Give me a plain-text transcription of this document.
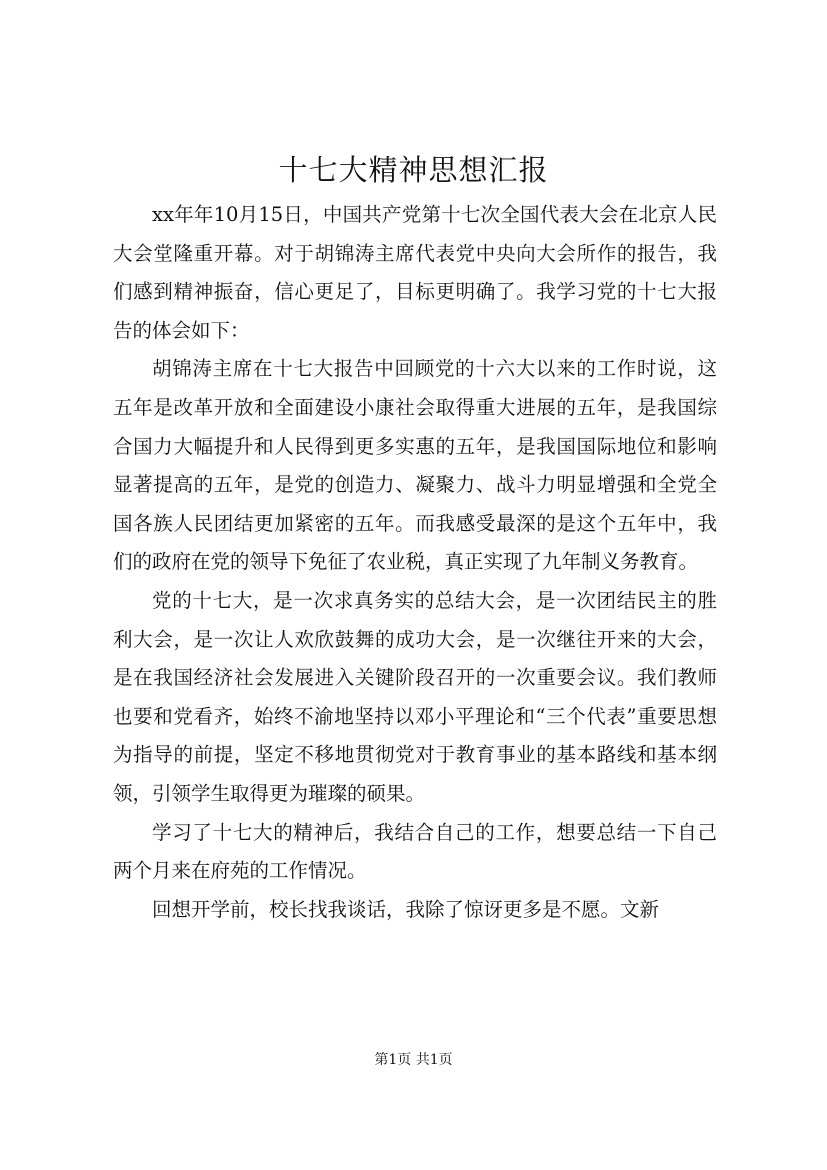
十七大精神思想汇报

xx年年10月15日，中国共产党第十七次全国代表大会在北京人民大会堂隆重开幕。对于胡锦涛主席代表党中央向大会所作的报告，我们感到精神振奋，信心更足了，目标更明确了。我学习党的十七大报告的体会如下：

胡锦涛主席在十七大报告中回顾党的十六大以来的工作时说，这五年是改革开放和全面建设小康社会取得重大进展的五年，是我国综合国力大幅提升和人民得到更多实惠的五年，是我国国际地位和影响显著提高的五年，是党的创造力、凝聚力、战斗力明显增强和全党全国各族人民团结更加紧密的五年。而我感受最深的是这个五年中，我们的政府在党的领导下免征了农业税，真正实现了九年制义务教育。

党的十七大，是一次求真务实的总结大会，是一次团结民主的胜利大会，是一次让人欢欣鼓舞的成功大会，是一次继往开来的大会，是在我国经济社会发展进入关键阶段召开的一次重要会议。我们教师也要和党看齐，始终不渝地坚持以邓小平理论和“三个代表”重要思想为指导的前提，坚定不移地贯彻党对于教育事业的基本路线和基本纲领，引领学生取得更为璀璨的硕果。

学习了十七大的精神后，我结合自己的工作，想要总结一下自己两个月来在府苑的工作情况。

回想开学前，校长找我谈话，我除了惊讶更多是不愿。文新

第1页 共1页
